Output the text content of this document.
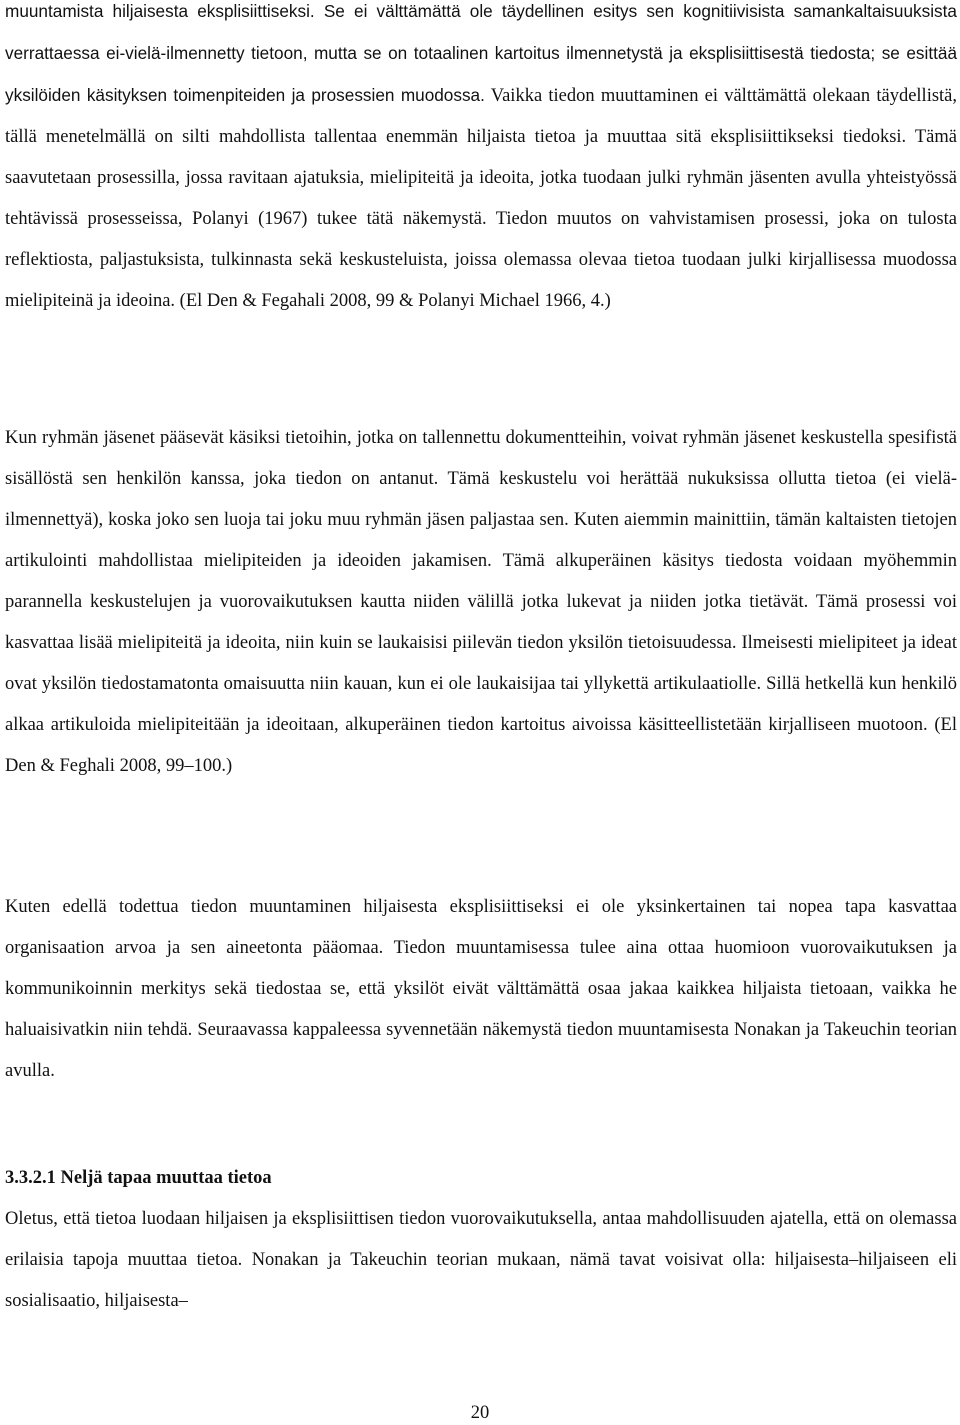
muuntamista hiljaisesta eksplisiittiseksi. Se ei välttämättä ole täydellinen esitys sen kognitiivisista samankaltaisuuksista verrattaessa ei-vielä-ilmennetty tietoon, mutta se on totaalinen kartoitus ilmennetystä ja eksplisiittisestä tiedosta; se esittää yksilöiden käsityksen toimenpiteiden ja prosessien muodossa. Vaikka tiedon muuttaminen ei välttämättä olekaan täydellistä, tällä menetelmällä on silti mahdollista tallentaa enemmän hiljaista tietoa ja muuttaa sitä eksplisiittikseksi tiedoksi. Tämä saavutetaan prosessilla, jossa ravitaan ajatuksia, mielipiteitä ja ideoita, jotka tuodaan julki ryhmän jäsenten avulla yhteistyössä tehtävissä prosesseissa, Polanyi (1967) tukee tätä näkemystä. Tiedon muutos on vahvistamisen prosessi, joka on tulosta reflektiosta, paljastuksista, tulkinnasta sekä keskusteluista, joissa olemassa olevaa tietoa tuodaan julki kirjallisessa muodossa mielipiteinä ja ideoina. (El Den & Fegahali 2008, 99 & Polanyi Michael 1966, 4.)

Kun ryhmän jäsenet pääsevät käsiksi tietoihin, jotka on tallennettu dokumentteihin, voivat ryhmän jäsenet keskustella spesifistä sisällöstä sen henkilön kanssa, joka tiedon on antanut. Tämä keskustelu voi herättää nukuksissa ollutta tietoa (ei vielä-ilmennettyä), koska joko sen luoja tai joku muu ryhmän jäsen paljastaa sen. Kuten aiemmin mainittiin, tämän kaltaisten tietojen artikulointi mahdollistaa mielipiteiden ja ideoiden jakamisen. Tämä alkuperäinen käsitys tiedosta voidaan myöhemmin parannella keskustelujen ja vuorovaikutuksen kautta niiden välillä jotka lukevat ja niiden jotka tietävät. Tämä prosessi voi kasvattaa lisää mielipiteitä ja ideoita, niin kuin se laukaisisi piilevän tiedon yksilön tietoisuudessa. Ilmeisesti mielipiteet ja ideat ovat yksilön tiedostamatonta omaisuutta niin kauan, kun ei ole laukaisijaa tai yllykettä artikulaatiolle. Sillä hetkellä kun henkilö alkaa artikuloida mielipiteitään ja ideoitaan, alkuperäinen tiedon kartoitus aivoissa käsitteellistetään kirjalliseen muotoon. (El Den & Feghali 2008, 99–100.)

Kuten edellä todettua tiedon muuntaminen hiljaisesta eksplisiittiseksi ei ole yksinkertainen tai nopea tapa kasvattaa organisaation arvoa ja sen aineetonta pääomaa. Tiedon muuntamisessa tulee aina ottaa huomioon vuorovaikutuksen ja kommunikoinnin merkitys sekä tiedostaa se, että yksilöt eivät välttämättä osaa jakaa kaikkea hiljaista tietoaan, vaikka he haluaisivatkin niin tehdä. Seuraavassa kappaleessa syvennetään näkemystä tiedon muuntamisesta Nonakan ja Takeuchin teorian avulla.

3.3.2.1 Neljä tapaa muuttaa tietoa

Oletus, että tietoa luodaan hiljaisen ja eksplisiittisen tiedon vuorovaikutuksella, antaa mahdollisuuden ajatella, että on olemassa erilaisia tapoja muuttaa tietoa. Nonakan ja Takeuchin teorian mukaan, nämä tavat voisivat olla: hiljaisesta–hiljaiseen eli sosialisaatio, hiljaisesta–

20
